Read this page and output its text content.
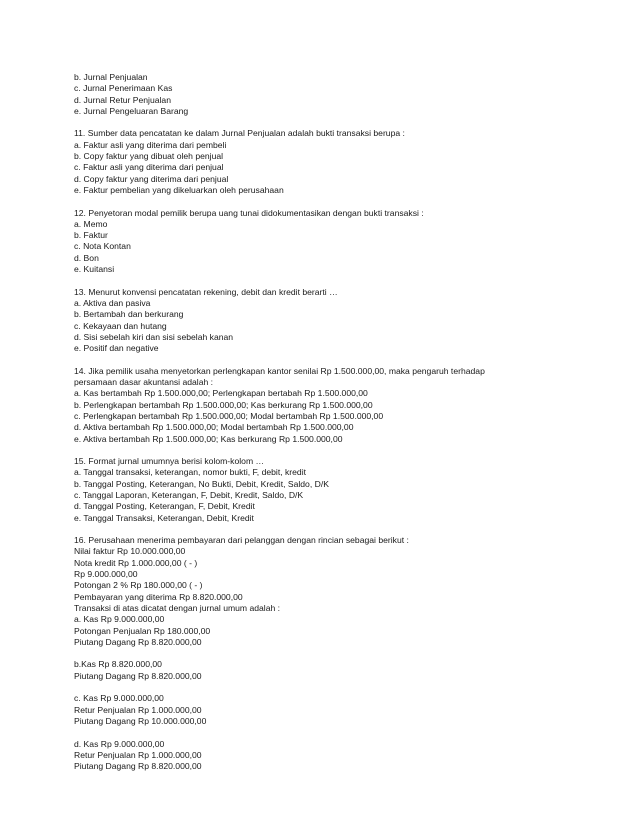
b. Jurnal Penjualan
c. Jurnal Penerimaan Kas
d. Jurnal Retur Penjualan
e. Jurnal Pengeluaran Barang
11. Sumber data pencatatan ke dalam Jurnal Penjualan adalah bukti transaksi berupa :
a. Faktur asli yang diterima dari pembeli
b. Copy faktur yang dibuat oleh penjual
c. Faktur asli yang diterima dari penjual
d. Copy faktur yang diterima dari penjual
e. Faktur pembelian yang dikeluarkan oleh perusahaan
12. Penyetoran modal pemilik berupa uang tunai didokumentasikan dengan bukti transaksi :
a. Memo
b. Faktur
c. Nota Kontan
d. Bon
e. Kuitansi
13. Menurut konvensi pencatatan rekening, debit dan kredit berarti …
a. Aktiva dan pasiva
b. Bertambah dan berkurang
c. Kekayaan dan hutang
d. Sisi sebelah kiri dan sisi sebelah kanan
e. Positif dan negative
14. Jika pemilik usaha menyetorkan perlengkapan kantor senilai Rp 1.500.000,00, maka pengaruh terhadap
persamaan dasar akuntansi adalah :
a. Kas bertambah Rp 1.500.000,00; Perlengkapan bertabah Rp 1.500.000,00
b. Perlengkapan bertambah Rp 1.500.000,00; Kas berkurang Rp 1.500.000,00
c. Perlengkapan bertambah Rp 1.500.000,00; Modal bertambah Rp 1.500.000,00
d. Aktiva bertambah Rp 1.500.000,00; Modal bertambah Rp 1.500.000,00
e. Aktiva bertambah Rp 1.500.000,00; Kas berkurang Rp 1.500.000,00
15. Format jurnal umumnya berisi kolom-kolom …
a. Tanggal transaksi, keterangan, nomor bukti, F, debit, kredit
b. Tanggal Posting, Keterangan, No Bukti, Debit, Kredit, Saldo, D/K
c. Tanggal Laporan, Keterangan, F, Debit, Kredit, Saldo, D/K
d. Tanggal Posting, Keterangan, F, Debit, Kredit
e. Tanggal Transaksi, Keterangan, Debit, Kredit
16. Perusahaan menerima pembayaran dari pelanggan dengan rincian sebagai berikut :
Nilai faktur Rp 10.000.000,00
Nota kredit Rp 1.000.000,00 ( - )
Rp 9.000.000,00
Potongan 2 % Rp 180.000,00 ( - )
Pembayaran yang diterima Rp 8.820.000,00
Transaksi di atas dicatat dengan jurnal umum adalah :
a. Kas Rp 9.000.000,00
Potongan Penjualan Rp 180.000,00
Piutang Dagang Rp 8.820.000,00
b.Kas Rp 8.820.000,00
Piutang Dagang Rp 8.820.000,00
c. Kas Rp 9.000.000,00
Retur Penjualan Rp 1.000.000,00
Piutang Dagang Rp 10.000.000,00
d. Kas Rp 9.000.000,00
Retur Penjualan Rp 1.000.000,00
Piutang Dagang Rp 8.820.000,00
